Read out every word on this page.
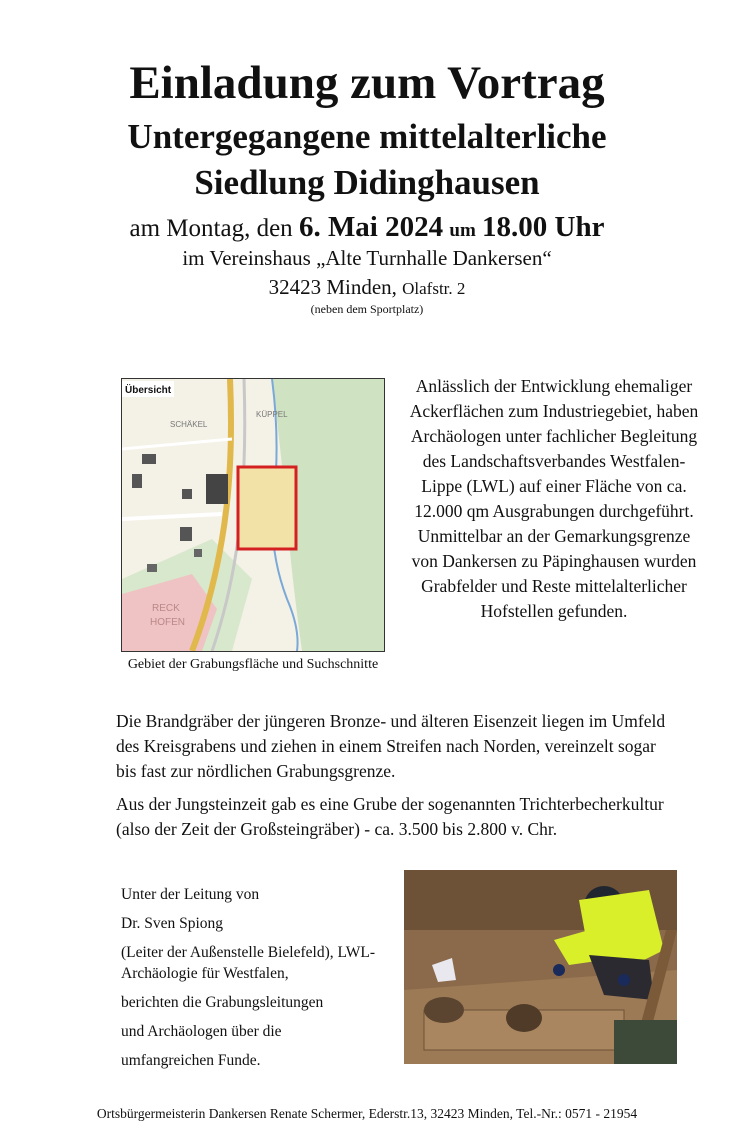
Einladung zum Vortrag
Untergegangene mittelalterliche
Siedlung Didinghausen
am Montag, den 6. Mai 2024 um 18.00 Uhr
im Vereinshaus „Alte Turnhalle Dankersen“
32423 Minden, Olafstr. 2
(neben dem Sportplatz)
Übersicht
SCHÄKEL
KÜPPEL
RECK
HOFEN
Gebiet der Grabungsfläche und Suchschnitte
Anlässlich der Entwicklung ehemaliger Ackerflächen zum Industriegebiet, haben Archäologen unter fachlicher Begleitung des Landschaftsverbandes Westfalen-Lippe (LWL) auf einer Fläche von ca. 12.000 qm Ausgrabungen durchgeführt. Unmittelbar an der Gemarkungsgrenze von Dankersen zu Päpinghausen wurden Grabfelder und Reste mittelalterlicher Hofstellen gefunden.
Die Brandgräber der jüngeren Bronze- und älteren Eisenzeit liegen im Umfeld des Kreisgrabens und ziehen in einem Streifen nach Norden, vereinzelt sogar bis fast zur nördlichen Grabungsgrenze.
Aus der Jungsteinzeit gab es eine Grube der sogenannten Trichterbecherkultur (also der Zeit der Großsteingräber) - ca. 3.500 bis 2.800 v. Chr.
Unter der Leitung von
Dr. Sven Spiong
(Leiter der Außenstelle Bielefeld), LWL-Archäologie für Westfalen,
berichten die Grabungsleitungen
und Archäologen über die
umfangreichen Funde.
Ortsbürgermeisterin Dankersen Renate Schermer, Ederstr.13, 32423 Minden, Tel.-Nr.: 0571 - 21954
